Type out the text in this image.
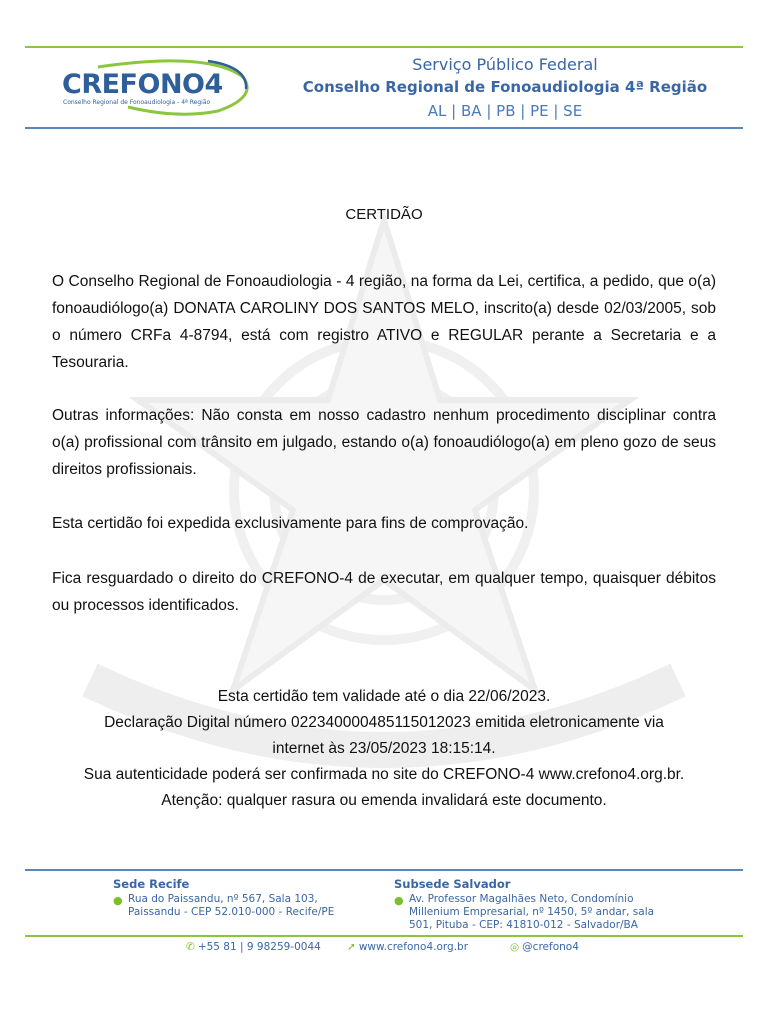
CREFONO4
Conselho Regional de Fonoaudiologia - 4ª Região
Serviço Público Federal
Conselho Regional de Fonoaudiologia 4ª Região
AL | BA | PB | PE | SE
CERTIDÃO
O Conselho Regional de Fonoaudiologia - 4 região, na forma da Lei, certifica, a pedido, que o(a) fonoaudiólogo(a) DONATA CAROLINY DOS SANTOS MELO, inscrito(a) desde 02/03/2005, sob o número CRFa 4-8794, está com registro ATIVO e REGULAR perante a Secretaria e a Tesouraria.
Outras informações: Não consta em nosso cadastro nenhum procedimento disciplinar contra o(a) profissional com trânsito em julgado, estando o(a) fonoaudiólogo(a) em pleno gozo de seus direitos profissionais.
Esta certidão foi expedida exclusivamente para fins de comprovação.
Fica resguardado o direito do CREFONO-4 de executar, em qualquer tempo, quaisquer débitos ou processos identificados.
Esta certidão tem validade até o dia 22/06/2023.
Declaração Digital número 022340000485115012023 emitida eletronicamente via
internet às 23/05/2023 18:15:14.
Sua autenticidade poderá ser confirmada no site do CREFONO-4 www.crefono4.org.br.
Atenção: qualquer rasura ou emenda invalidará este documento.
Sede Recife
● Rua do Paissandu, nº 567, Sala 103,
Paissandu - CEP 52.010-000 - Recife/PE
Subsede Salvador
● Av. Professor Magalhães Neto, Condomínio
Millenium Empresarial, nº 1450, 5º andar, sala
501, Pituba - CEP: 41810-012 - Salvador/BA
✆ +55 81 | 9 98259-0044 ➚ www.crefono4.org.br	◎ @crefono4
